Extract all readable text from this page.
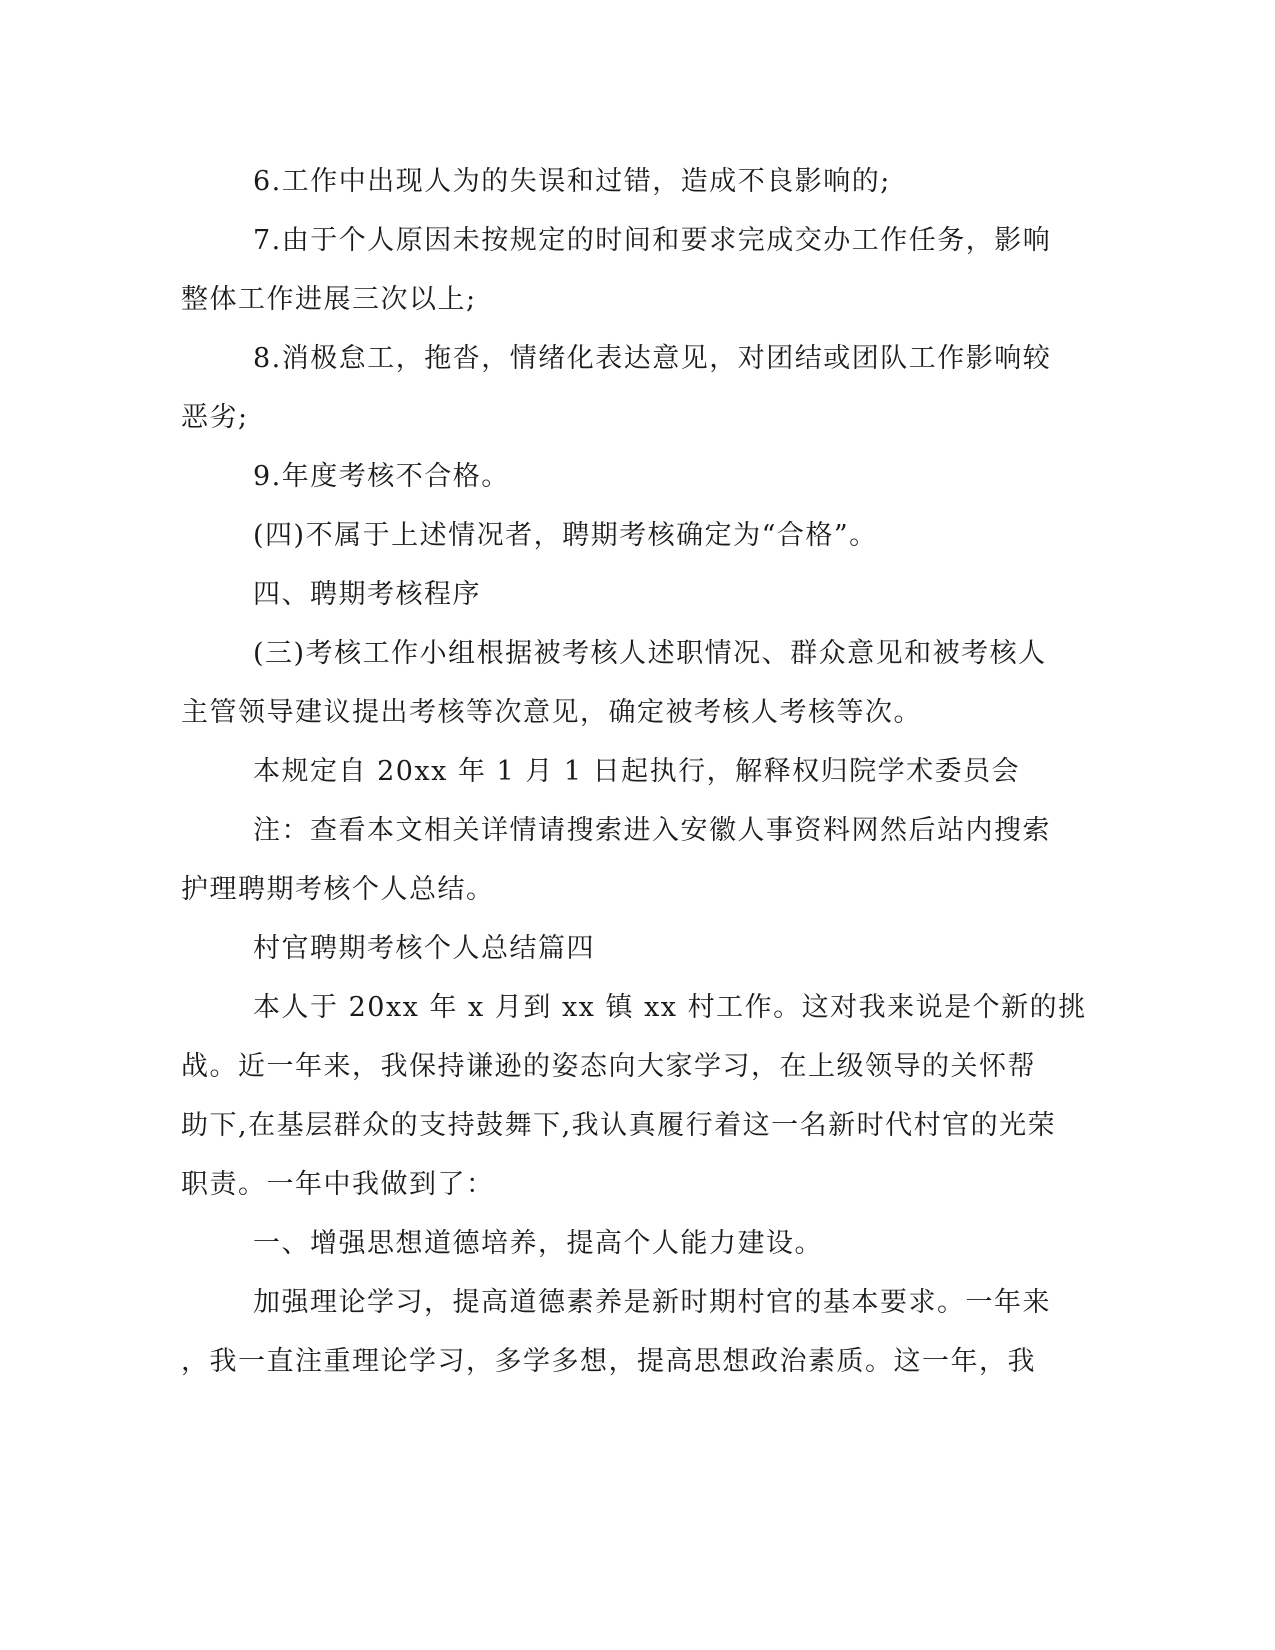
6.工作中出现人为的失误和过错，造成不良影响的;
7.由于个人原因未按规定的时间和要求完成交办工作任务，影响
整体工作进展三次以上;
8.消极怠工，拖沓，情绪化表达意见，对团结或团队工作影响较
恶劣;
9.年度考核不合格。
(四)不属于上述情况者，聘期考核确定为“合格”。
四、聘期考核程序
(三)考核工作小组根据被考核人述职情况、群众意见和被考核人
主管领导建议提出考核等次意见，确定被考核人考核等次。
本规定自 20xx 年 1 月 1 日起执行，解释权归院学术委员会
注：查看本文相关详情请搜索进入安徽人事资料网然后站内搜索
护理聘期考核个人总结。
村官聘期考核个人总结篇四
本人于 20xx 年 x 月到 xx 镇 xx 村工作。这对我来说是个新的挑
战。近一年来，我保持谦逊的姿态向大家学习，在上级领导的关怀帮
助下,在基层群众的支持鼓舞下,我认真履行着这一名新时代村官的光荣
职责。一年中我做到了：
一、增强思想道德培养，提高个人能力建设。
加强理论学习，提高道德素养是新时期村官的基本要求。一年来
，我一直注重理论学习，多学多想，提高思想政治素质。这一年，我
